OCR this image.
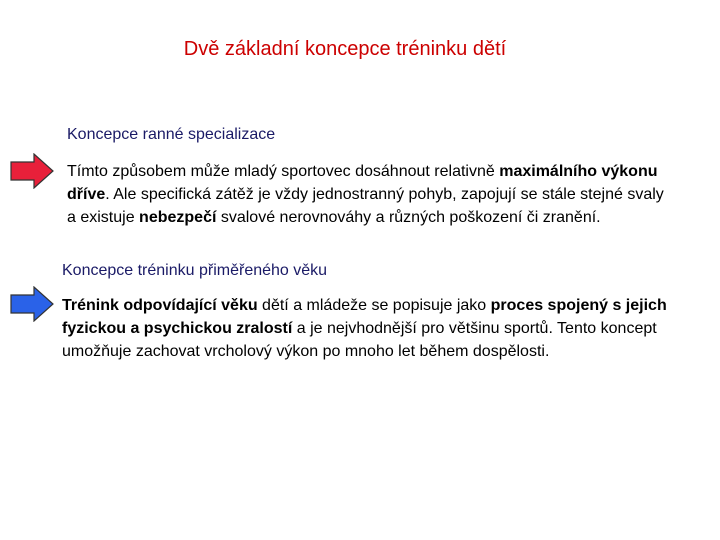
Dvě základní koncepce tréninku dětí
Koncepce ranné specializace
Tímto způsobem může mladý sportovec dosáhnout relativně maximálního výkonu dříve. Ale specifická zátěž je vždy jednostranný pohyb, zapojují se stále stejné svaly a existuje nebezpečí svalové nerovnováhy a různých poškození či zranění.
Koncepce tréninku přiměřeného věku
Trénink odpovídající věku dětí a mládeže se popisuje jako proces spojený s jejich fyzickou a psychickou zralostí a je nejvhodnější pro většinu sportů. Tento koncept umožňuje zachovat vrcholový výkon po mnoho let během dospělosti.
